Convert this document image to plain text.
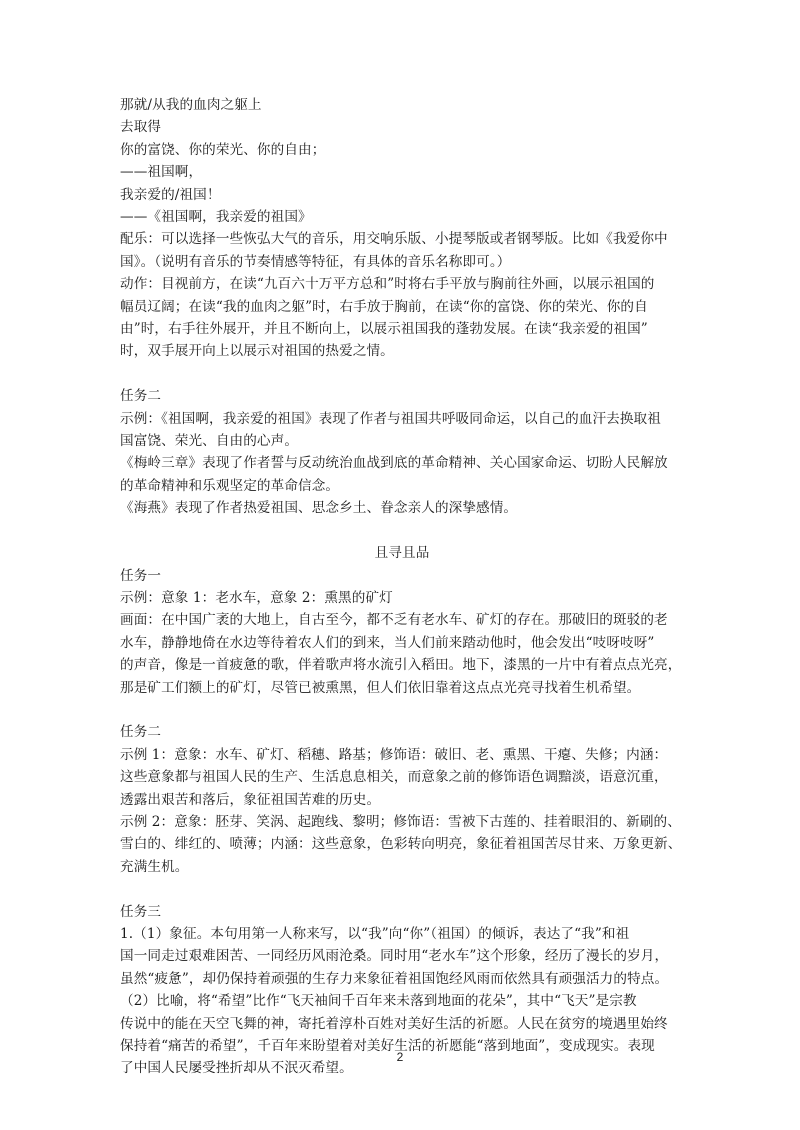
那就/从我的血肉之躯上
去取得
你的富饶、你的荣光、你的自由；
——祖国啊，
我亲爱的/祖国！
——《祖国啊，我亲爱的祖国》
配乐：可以选择一些恢弘大气的音乐，用交响乐版、小提琴版或者钢琴版。比如《我爱你中
国》。（说明有音乐的节奏情感等特征，有具体的音乐名称即可。）
动作：目视前方，在读“九百六十万平方总和”时将右手平放与胸前往外画，以展示祖国的
幅员辽阔；在读“我的血肉之躯”时，右手放于胸前，在读“你的富饶、你的荣光、你的自
由”时，右手往外展开，并且不断向上，以展示祖国我的蓬勃发展。在读“我亲爱的祖国”
时，双手展开向上以展示对祖国的热爱之情。
任务二
示例：《祖国啊，我亲爱的祖国》表现了作者与祖国共呼吸同命运，以自己的血汗去换取祖
国富饶、荣光、自由的心声。
《梅岭三章》表现了作者誓与反动统治血战到底的革命精神、关心国家命运、切盼人民解放
的革命精神和乐观坚定的革命信念。
《海燕》表现了作者热爱祖国、思念乡土、眷念亲人的深挚感情。
且寻且品
任务一
示例：意象 1：老水车，意象 2：熏黑的矿灯
画面：在中国广袤的大地上，自古至今，都不乏有老水车、矿灯的存在。那破旧的斑驳的老
水车，静静地倚在水边等待着农人们的到来，当人们前来踏动他时，他会发出“吱呀吱呀”
的声音，像是一首疲惫的歌，伴着歌声将水流引入稻田。地下，漆黑的一片中有着点点光亮，
那是矿工们额上的矿灯，尽管已被熏黑，但人们依旧靠着这点点光亮寻找着生机希望。
任务二
示例 1：意象：水车、矿灯、稻穗、路基；修饰语：破旧、老、熏黑、干瘪、失修；内涵：
这些意象都与祖国人民的生产、生活息息相关，而意象之前的修饰语色调黯淡，语意沉重，
透露出艰苦和落后，象征祖国苦难的历史。
示例 2：意象：胚芽、笑涡、起跑线、黎明；修饰语：雪被下古莲的、挂着眼泪的、新刷的、
雪白的、绯红的、喷薄；内涵：这些意象，色彩转向明亮，象征着祖国苦尽甘来、万象更新、
充满生机。
任务三
1.（1）象征。本句用第一人称来写，以“我”向“你”（祖国）的倾诉，表达了“我”和祖
国一同走过艰难困苦、一同经历风雨沧桑。同时用“老水车”这个形象，经历了漫长的岁月，
虽然“疲惫”，却仍保持着顽强的生存力来象征着祖国饱经风雨而依然具有顽强活力的特点。
（2）比喻，将“希望”比作“飞天袖间千百年来未落到地面的花朵”，其中“飞天”是宗教
传说中的能在天空飞舞的神，寄托着淳朴百姓对美好生活的祈愿。人民在贫穷的境遇里始终
保持着“痛苦的希望”，千百年来盼望着对美好生活的祈愿能“落到地面”，变成现实。表现
了中国人民屡受挫折却从不泯灭希望。
2
